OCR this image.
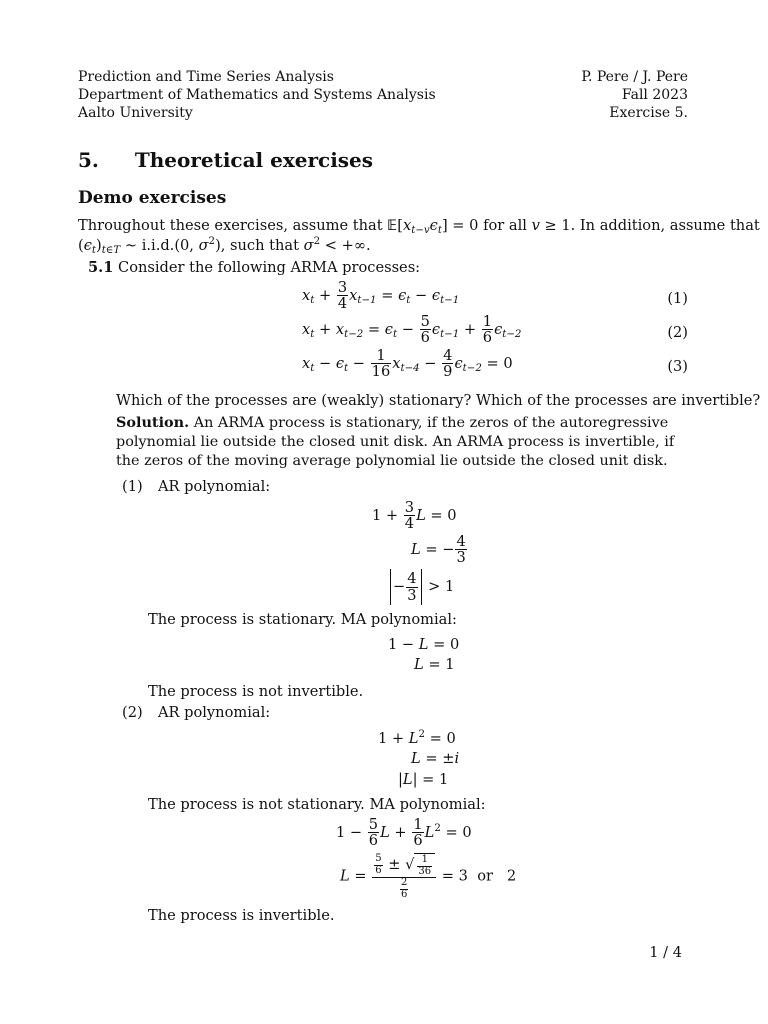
Prediction and Time Series Analysis
Department of Mathematics and Systems Analysis
Aalto University
P. Pere / J. Pere
Fall 2023
Exercise 5.
5. Theoretical exercises
Demo exercises
Throughout these exercises, assume that $𝔼[x_{t-v}\epsilon_t] = 0$ for all v ≥ 1. In addition, assume that
$(\epsilon_t)_{t\in T}$ ∼ i.i.d.(0, $\sigma^2$), such that $\sigma^2$ < +∞.
5.1 Consider the following ARMA processes:
$x_t + \frac{3}{4} x_{t-1} = \epsilon_t - \epsilon_{t-1}$	(1)
$x_t + x_{t-2} = \epsilon_t - \frac{5}{6} \epsilon_{t-1} + \frac{1}{6} \epsilon_{t-2}$	(2)
$x_t - \epsilon_t - \frac{1}{16} x_{t-4} - \frac{4}{9} \epsilon_{t-2} = 0$	(3)
Which of the processes are (weakly) stationary? Which of the processes are invertible?
Solution. An ARMA process is stationary, if the zeros of the autoregressive polynomial lie outside the closed unit disk. An ARMA process is invertible, if the zeros of the moving average polynomial lie outside the closed unit disk.
(1) AR polynomial:
$1 + \frac{3}{4}$ L = 0
L = − $\frac{4}{3}$
− $\frac{4}{3} > 1$
The process is stationary. MA polynomial:
1 − L = 0
L = 1
The process is not invertible.
(2) AR polynomial:
$1 + L^2 = 0$
L = ±i
|L| = 1
The process is not stationary. MA polynomial:
$1 - \frac{5}{6}$ $L + \frac{1}{6} L^2 = 0$
$L = \frac{\frac{5}{6} \pm √ \frac{1}{36}}{\frac{2}{6}} = 3$  or   2
The process is invertible.
1 / 4
